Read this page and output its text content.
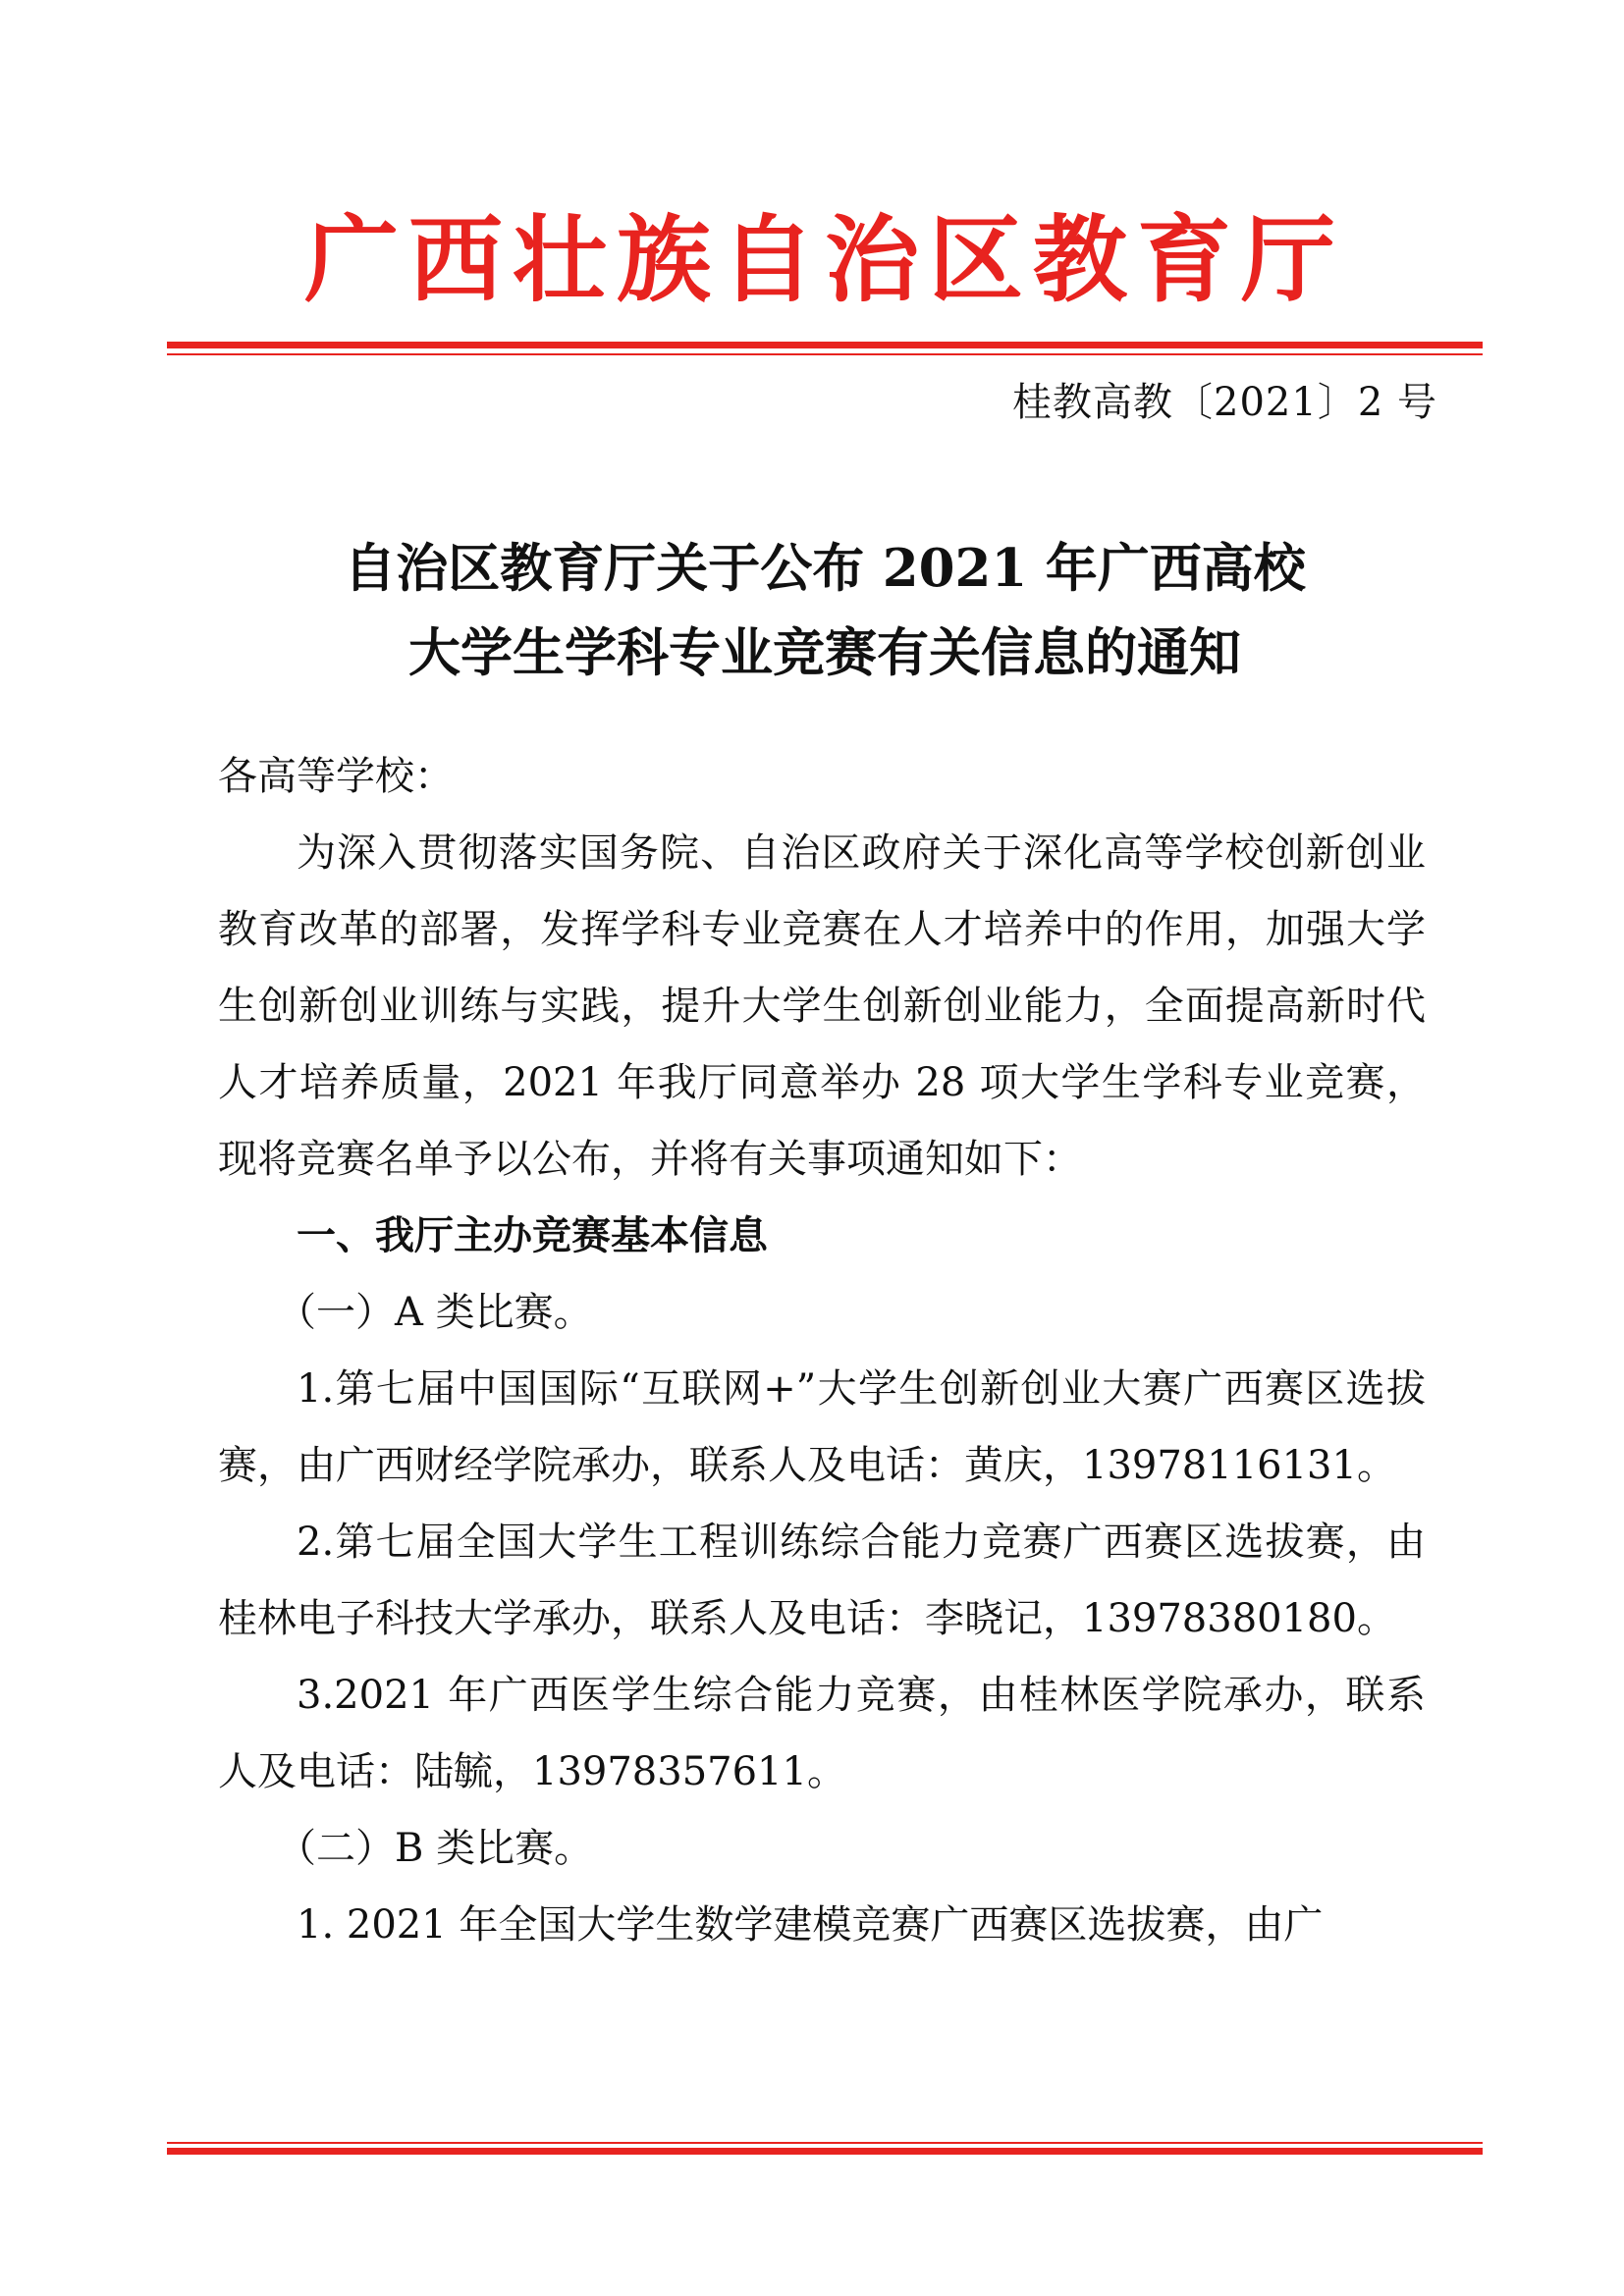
广西壮族自治区教育厅
桂教高教〔2021〕2 号
自治区教育厅关于公布 2021 年广西高校
大学生学科专业竞赛有关信息的通知

各高等学校：

为深入贯彻落实国务院、自治区政府关于深化高等学校创新创业教育改革的部署，发挥学科专业竞赛在人才培养中的作用，加强大学生创新创业训练与实践，提升大学生创新创业能力，全面提高新时代人才培养质量，2021 年我厅同意举办 28 项大学生学科专业竞赛，现将竞赛名单予以公布，并将有关事项通知如下：

一、我厅主办竞赛基本信息

（一）A 类比赛。

1.第七届中国国际“互联网+”大学生创新创业大赛广西赛区选拔赛，由广西财经学院承办，联系人及电话：黄庆，13978116131。

2.第七届全国大学生工程训练综合能力竞赛广西赛区选拔赛，由桂林电子科技大学承办，联系人及电话：李晓记，13978380180。

3.2021 年广西医学生综合能力竞赛，由桂林医学院承办，联系人及电话：陆毓，13978357611。

（二）B 类比赛。

1. 2021 年全国大学生数学建模竞赛广西赛区选拔赛，由广
